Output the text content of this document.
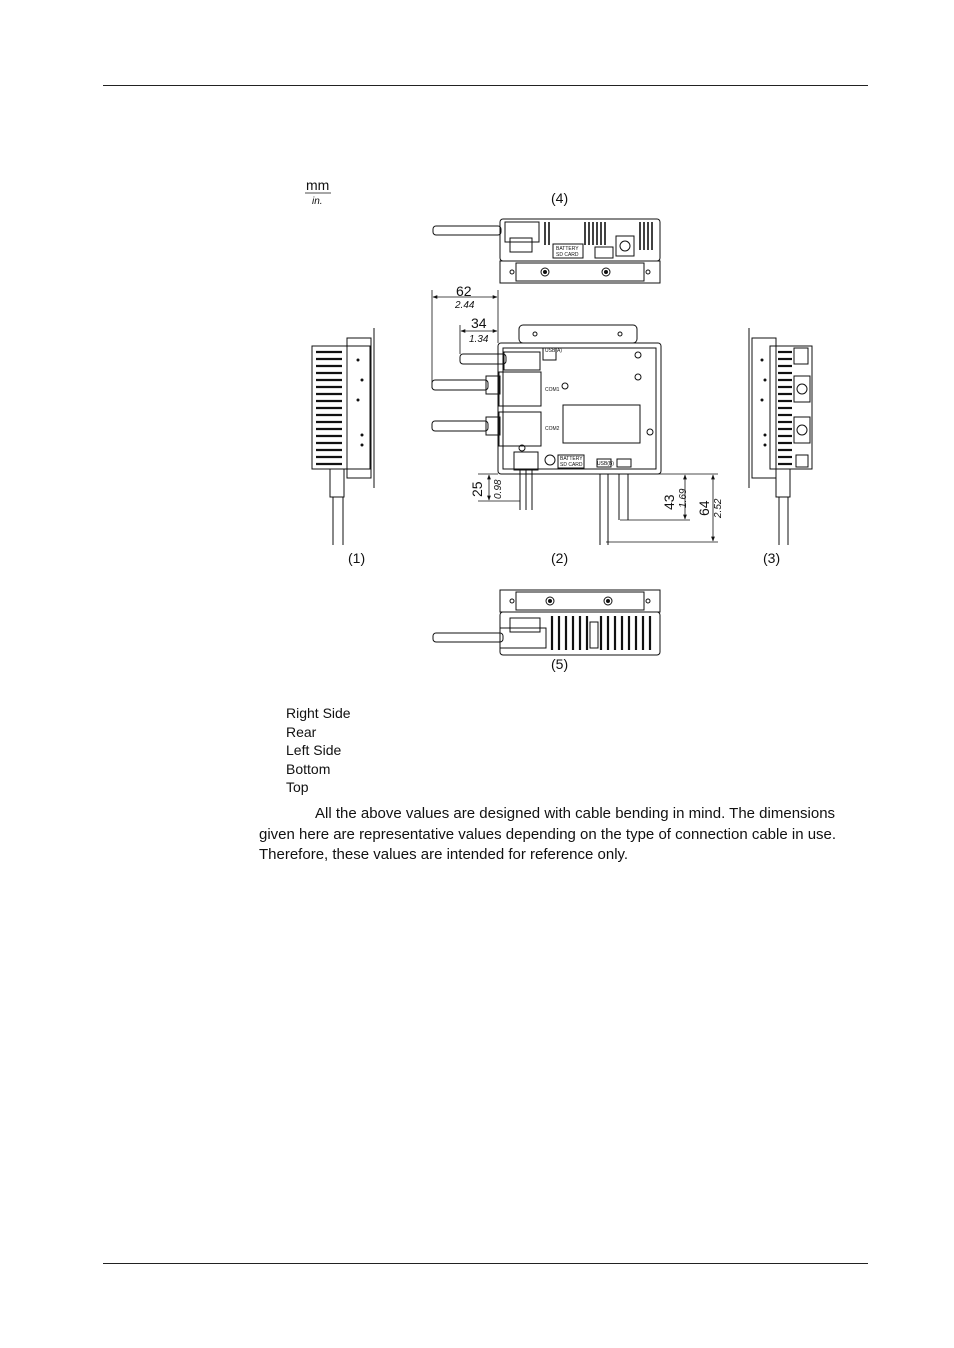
mm
in.
BATTERY
SD CARD
(4)
(1)
USB(A)
COM1
COM2
BATTERY
SD CARD	USB(B)
(2)
62
2.44
34
1.34
25 0.98
43 1.69
64 2.52
(3)
(5)
Right Side
Rear
Left Side
Bottom
Top

All the above values are designed with cable bending in mind. The dimensions given here are representative values depending on the type of connection cable in use. Therefore, these values are intended for reference only.
